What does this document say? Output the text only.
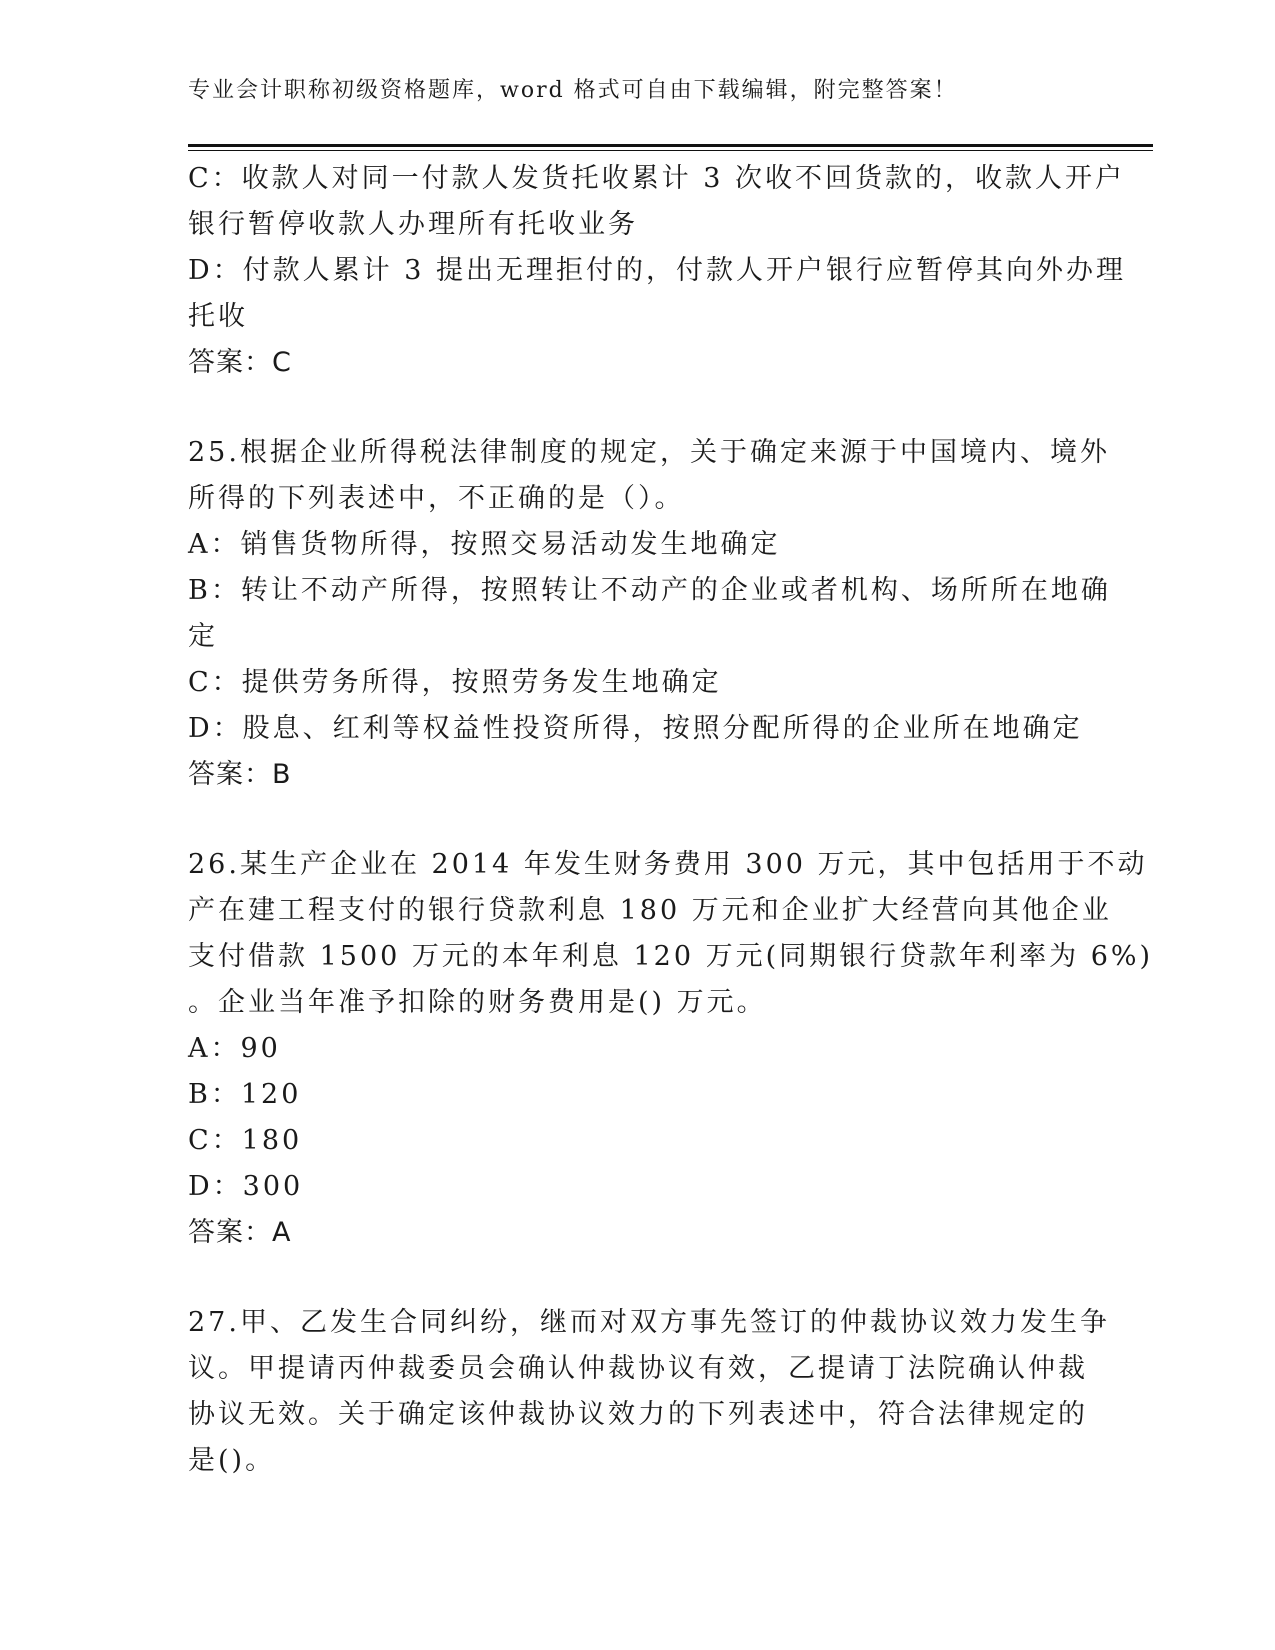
专业会计职称初级资格题库，word 格式可自由下载编辑，附完整答案！
C：收款人对同一付款人发货托收累计 3 次收不回货款的，收款人开户
银行暂停收款人办理所有托收业务
D：付款人累计 3 提出无理拒付的，付款人开户银行应暂停其向外办理
托收
答案：C
25.根据企业所得税法律制度的规定，关于确定来源于中国境内、境外
所得的下列表述中，不正确的是（）。
A：销售货物所得，按照交易活动发生地确定
B：转让不动产所得，按照转让不动产的企业或者机构、场所所在地确
定
C：提供劳务所得，按照劳务发生地确定
D：股息、红利等权益性投资所得，按照分配所得的企业所在地确定
答案：B
26.某生产企业在 2014 年发生财务费用 300 万元，其中包括用于不动
产在建工程支付的银行贷款利息 180 万元和企业扩大经营向其他企业
支付借款 1500 万元的本年利息 120 万元(同期银行贷款年利率为 6%)
。企业当年准予扣除的财务费用是() 万元。
A：90
B：120
C：180
D：300
答案：A
27.甲、乙发生合同纠纷，继而对双方事先签订的仲裁协议效力发生争
议。甲提请丙仲裁委员会确认仲裁协议有效，乙提请丁法院确认仲裁
协议无效。关于确定该仲裁协议效力的下列表述中，符合法律规定的
是()。
